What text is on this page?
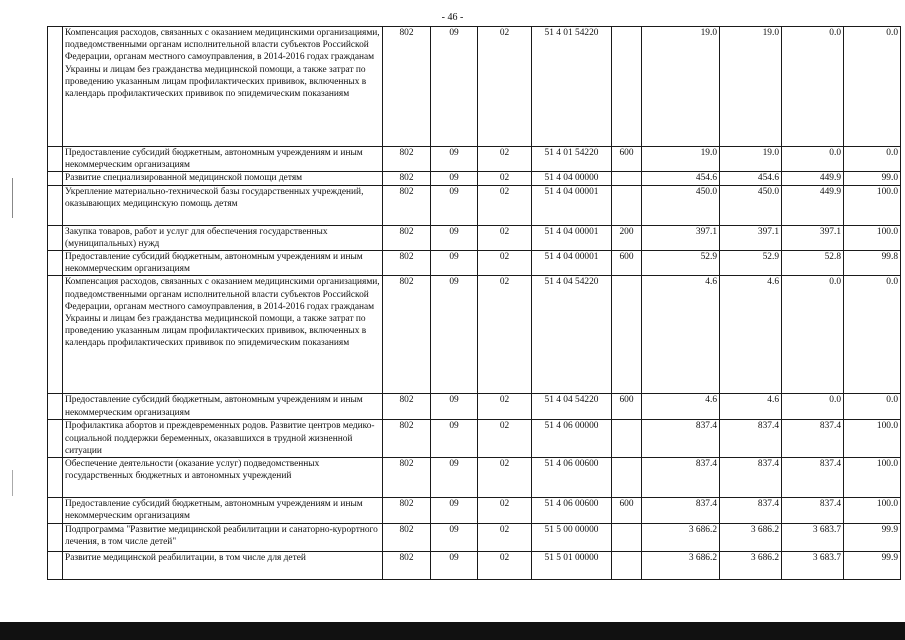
- 46 -
	Компенсация расходов, связанных с оказанием медицинскими организациями, подведомственными органам исполнительной власти субъектов Российской Федерации, органам местного самоуправления, в 2014-2016 годах гражданам Украины и лицам без гражданства медицинской помощи, а также затрат по проведению указанным лицам профилактических прививок, включенных в календарь профилактических прививок по эпидемическим показаниям	802	09	02	51 4 01 54220		19.0	19.0	0.0	0.0
	Предоставление субсидий бюджетным, автономным учреждениям и иным некоммерческим организациям	802	09	02	51 4 01 54220	600	19.0	19.0	0.0	0.0
	Развитие специализированной медицинской помощи детям	802	09	02	51 4 04 00000		454.6	454.6	449.9	99.0
	Укрепление материально-технической базы государственных учреждений, оказывающих медицинскую помощь детям	802	09	02	51 4 04 00001		450.0	450.0	449.9	100.0
	Закупка товаров, работ и услуг для обеспечения государственных (муниципальных) нужд	802	09	02	51 4 04 00001	200	397.1	397.1	397.1	100.0
	Предоставление субсидий бюджетным, автономным учреждениям и иным некоммерческим организациям	802	09	02	51 4 04 00001	600	52.9	52.9	52.8	99.8
	Компенсация расходов, связанных с оказанием медицинскими организациями, подведомственными органам исполнительной власти субъектов Российской Федерации, органам местного самоуправления, в 2014-2016 годах гражданам Украины и лицам без гражданства медицинской помощи, а также затрат по проведению указанным лицам профилактических прививок, включенных в календарь профилактических прививок по эпидемическим показаниям	802	09	02	51 4 04 54220		4.6	4.6	0.0	0.0
	Предоставление субсидий бюджетным, автономным учреждениям и иным некоммерческим организациям	802	09	02	51 4 04 54220	600	4.6	4.6	0.0	0.0
	Профилактика абортов и преждевременных родов. Развитие центров медико-социальной поддержки беременных, оказавшихся в трудной жизненной ситуации	802	09	02	51 4 06 00000		837.4	837.4	837.4	100.0
	Обеспечение деятельности (оказание услуг) подведомственных государственных бюджетных и автономных учреждений	802	09	02	51 4 06 00600		837.4	837.4	837.4	100.0
	Предоставление субсидий бюджетным, автономным учреждениям и иным некоммерческим организациям	802	09	02	51 4 06 00600	600	837.4	837.4	837.4	100.0
	Подпрограмма "Развитие медицинской реабилитации и санаторно-курортного лечения, в том числе детей"	802	09	02	51 5 00 00000		3 686.2	3 686.2	3 683.7	99.9
	Развитие медицинской реабилитации, в том числе для детей	802	09	02	51 5 01 00000		3 686.2	3 686.2	3 683.7	99.9
